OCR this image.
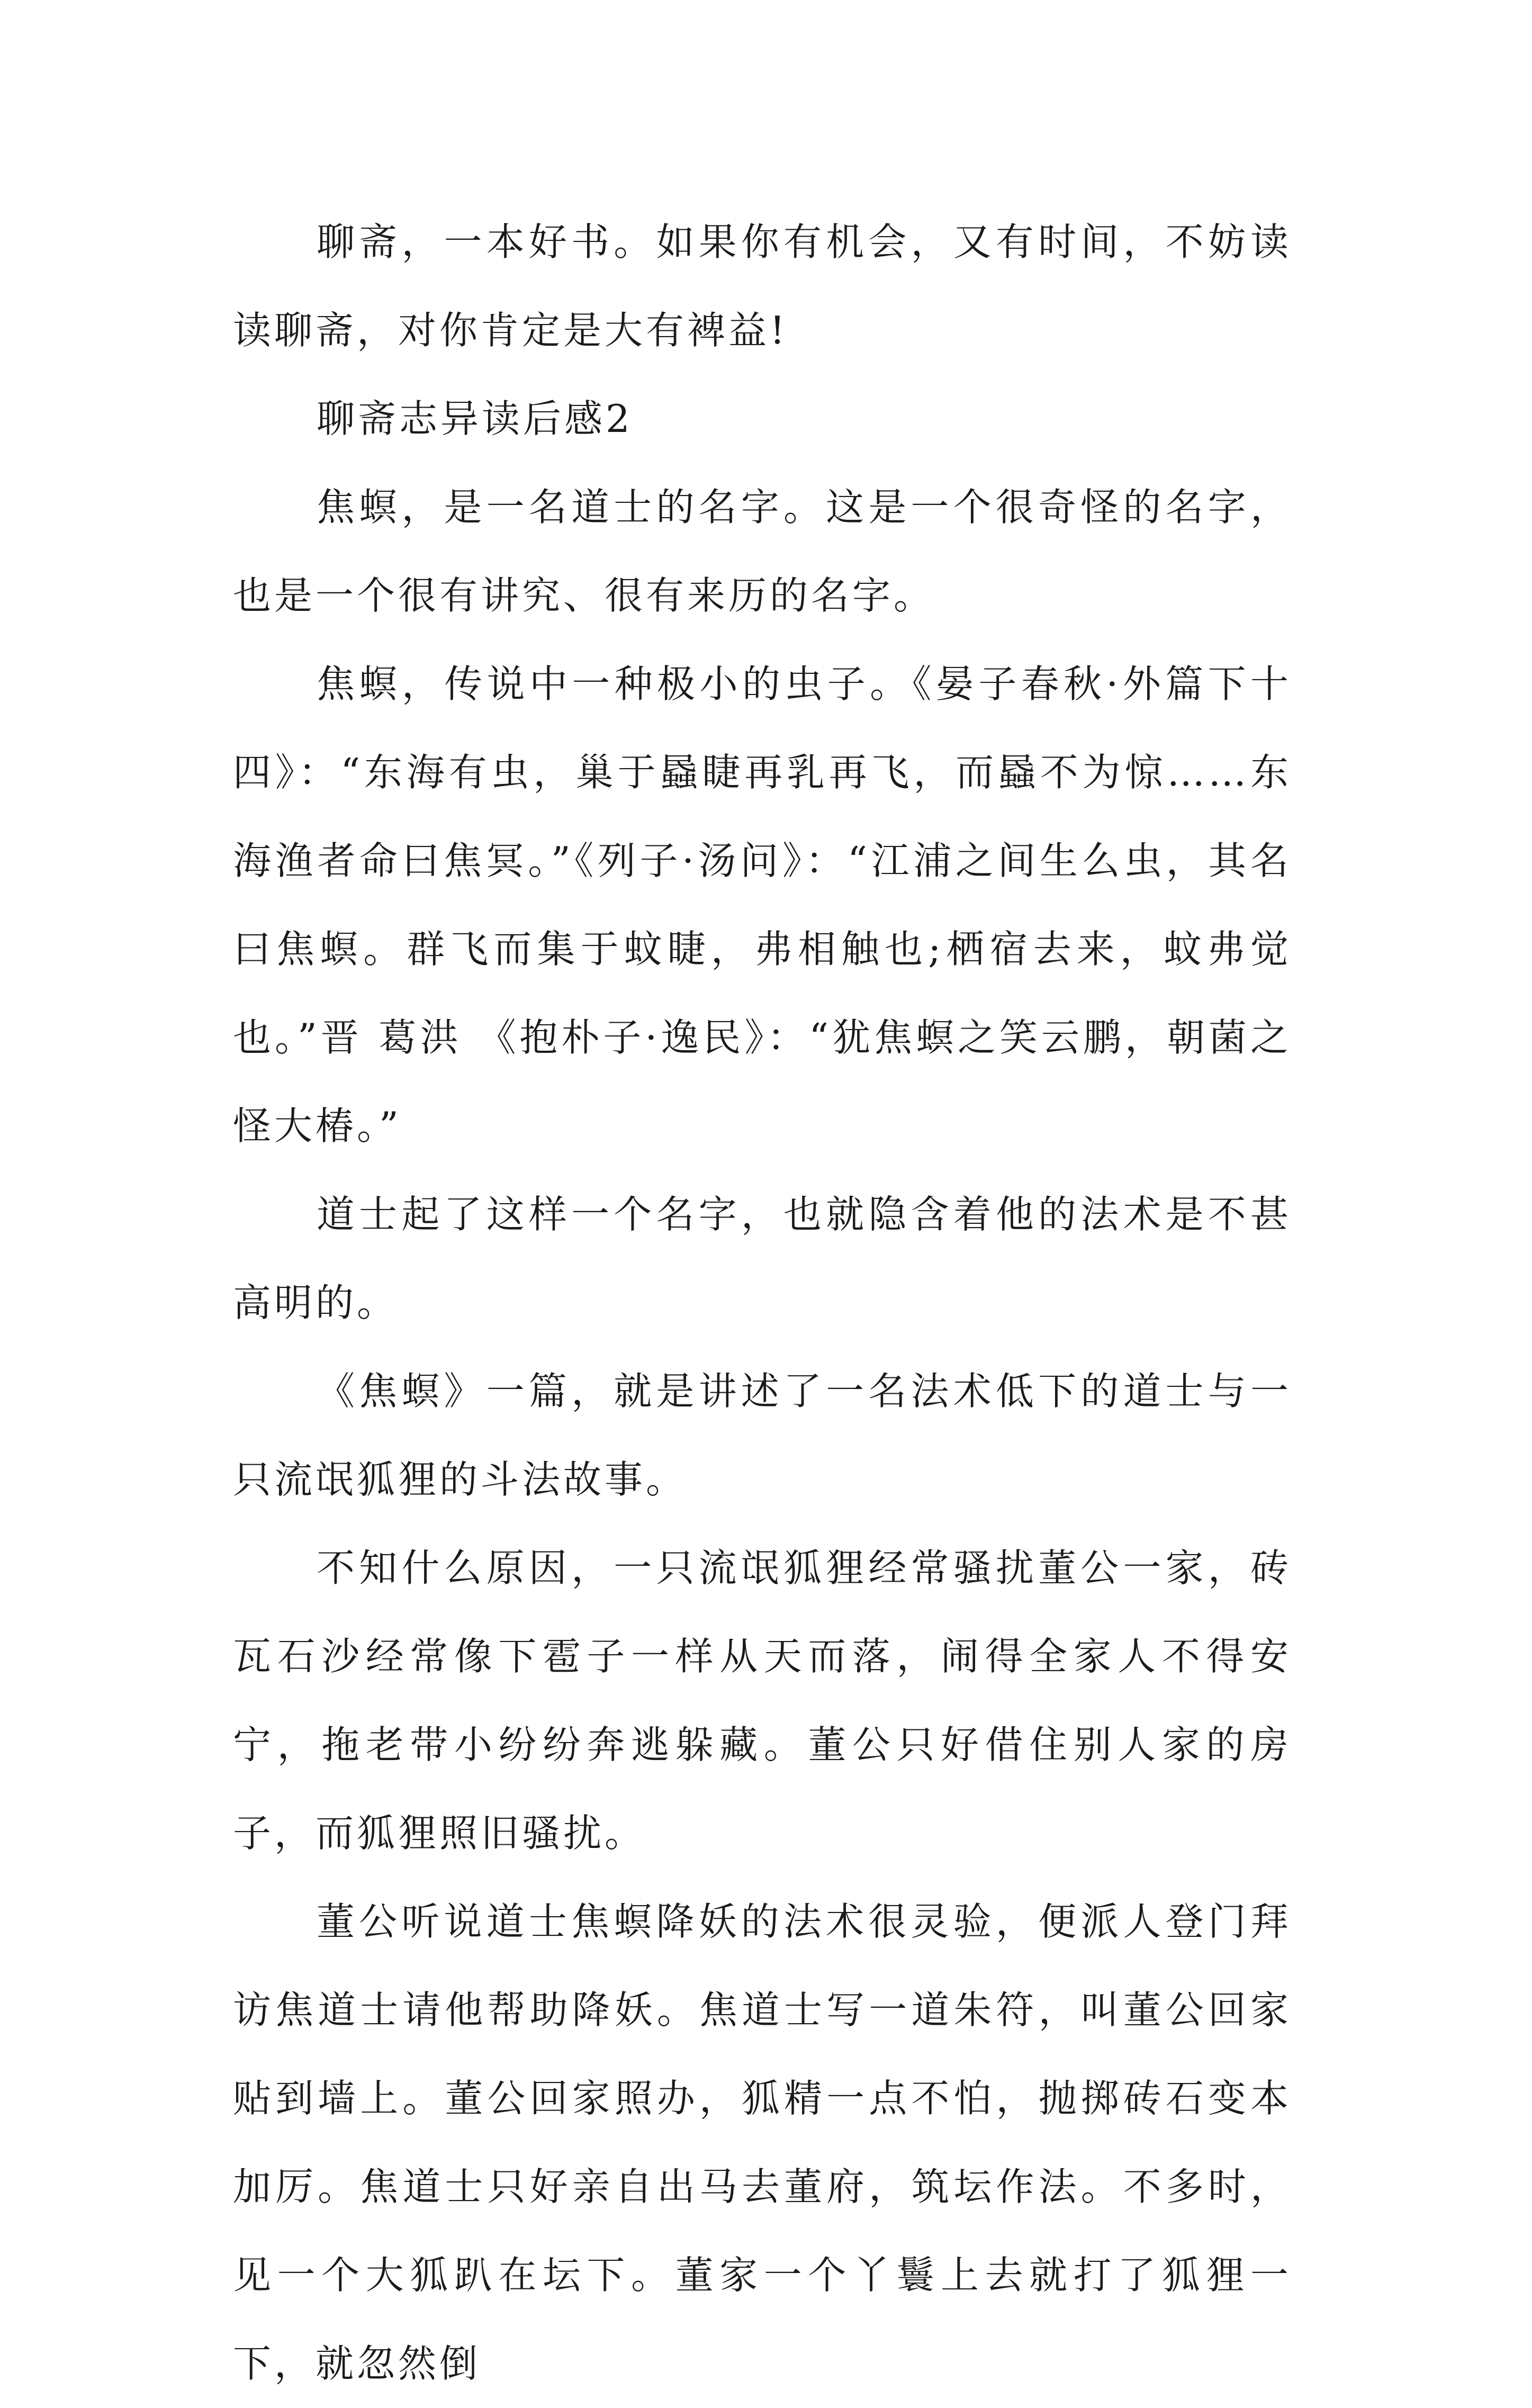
聊斋，一本好书。如果你有机会，又有时间，不妨读读聊斋，对你肯定是大有裨益!

聊斋志异读后感2

焦螟，是一名道士的名字。这是一个很奇怪的名字，也是一个很有讲究、很有来历的名字。

焦螟，传说中一种极小的虫子。《晏子春秋·外篇下十四》：“东海有虫，巢于蟁睫再乳再飞，而蟁不为惊……东海渔者命曰焦冥。”《列子·汤问》：“江浦之间生么虫，其名曰焦螟。群飞而集于蚊睫，弗相触也;栖宿去来，蚊弗觉也。”晋 葛洪 《抱朴子·逸民》：“犹焦螟之笑云鹏，朝菌之怪大椿。”

道士起了这样一个名字，也就隐含着他的法术是不甚高明的。

《焦螟》一篇，就是讲述了一名法术低下的道士与一只流氓狐狸的斗法故事。

不知什么原因，一只流氓狐狸经常骚扰董公一家，砖瓦石沙经常像下雹子一样从天而落，闹得全家人不得安宁，拖老带小纷纷奔逃躲藏。董公只好借住别人家的房子，而狐狸照旧骚扰。

董公听说道士焦螟降妖的法术很灵验，便派人登门拜访焦道士请他帮助降妖。焦道士写一道朱符，叫董公回家贴到墙上。董公回家照办，狐精一点不怕，抛掷砖石变本加厉。焦道士只好亲自出马去董府，筑坛作法。不多时，见一个大狐趴在坛下。董家一个丫鬟上去就打了狐狸一下，就忽然倒
